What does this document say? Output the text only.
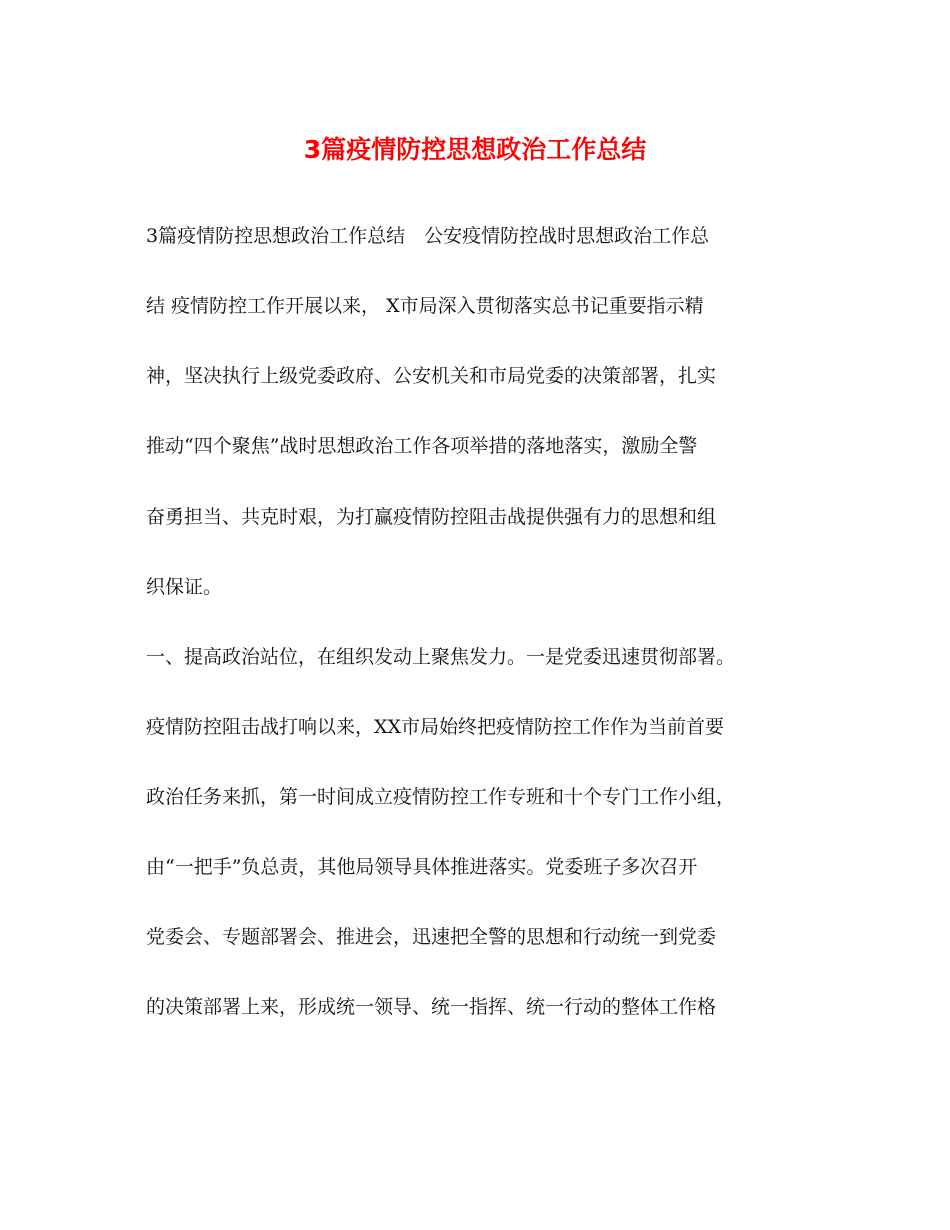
3篇疫情防控思想政治工作总结

3篇疫情防控思想政治工作总结　公安疫情防控战时思想政治工作总

结 疫情防控工作开展以来， X市局深入贯彻落实总书记重要指示精

神，坚决执行上级党委政府、公安机关和市局党委的决策部署，扎实

推动“四个聚焦”战时思想政治工作各项举措的落地落实，激励全警

奋勇担当、共克时艰，为打赢疫情防控阻击战提供强有力的思想和组

织保证。

一、提高政治站位，在组织发动上聚焦发力。一是党委迅速贯彻部署。

疫情防控阻击战打响以来，XX市局始终把疫情防控工作作为当前首要

政治任务来抓，第一时间成立疫情防控工作专班和十个专门工作小组，

由“一把手”负总责，其他局领导具体推进落实。党委班子多次召开

党委会、专题部署会、推进会，迅速把全警的思想和行动统一到党委

的决策部署上来，形成统一领导、统一指挥、统一行动的整体工作格
